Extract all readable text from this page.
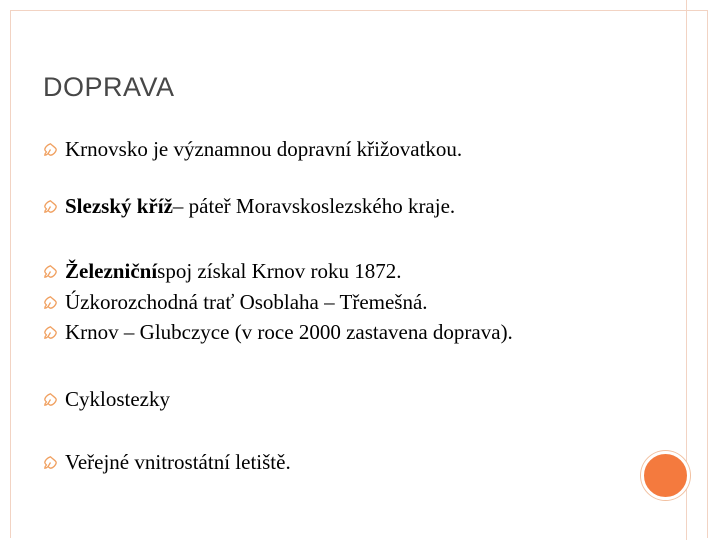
DOPRAVA
Krnovsko je významnou dopravní křižovatkou.
Slezský kříž – páteř Moravskoslezského kraje.
Železniční spoj získal Krnov roku 1872.
Úzkorozchodná trať Osoblaha – Třemešná.
Krnov – Glubczyce (v roce 2000 zastavena doprava).
Cyklostezky
Veřejné vnitrostátní letiště.
